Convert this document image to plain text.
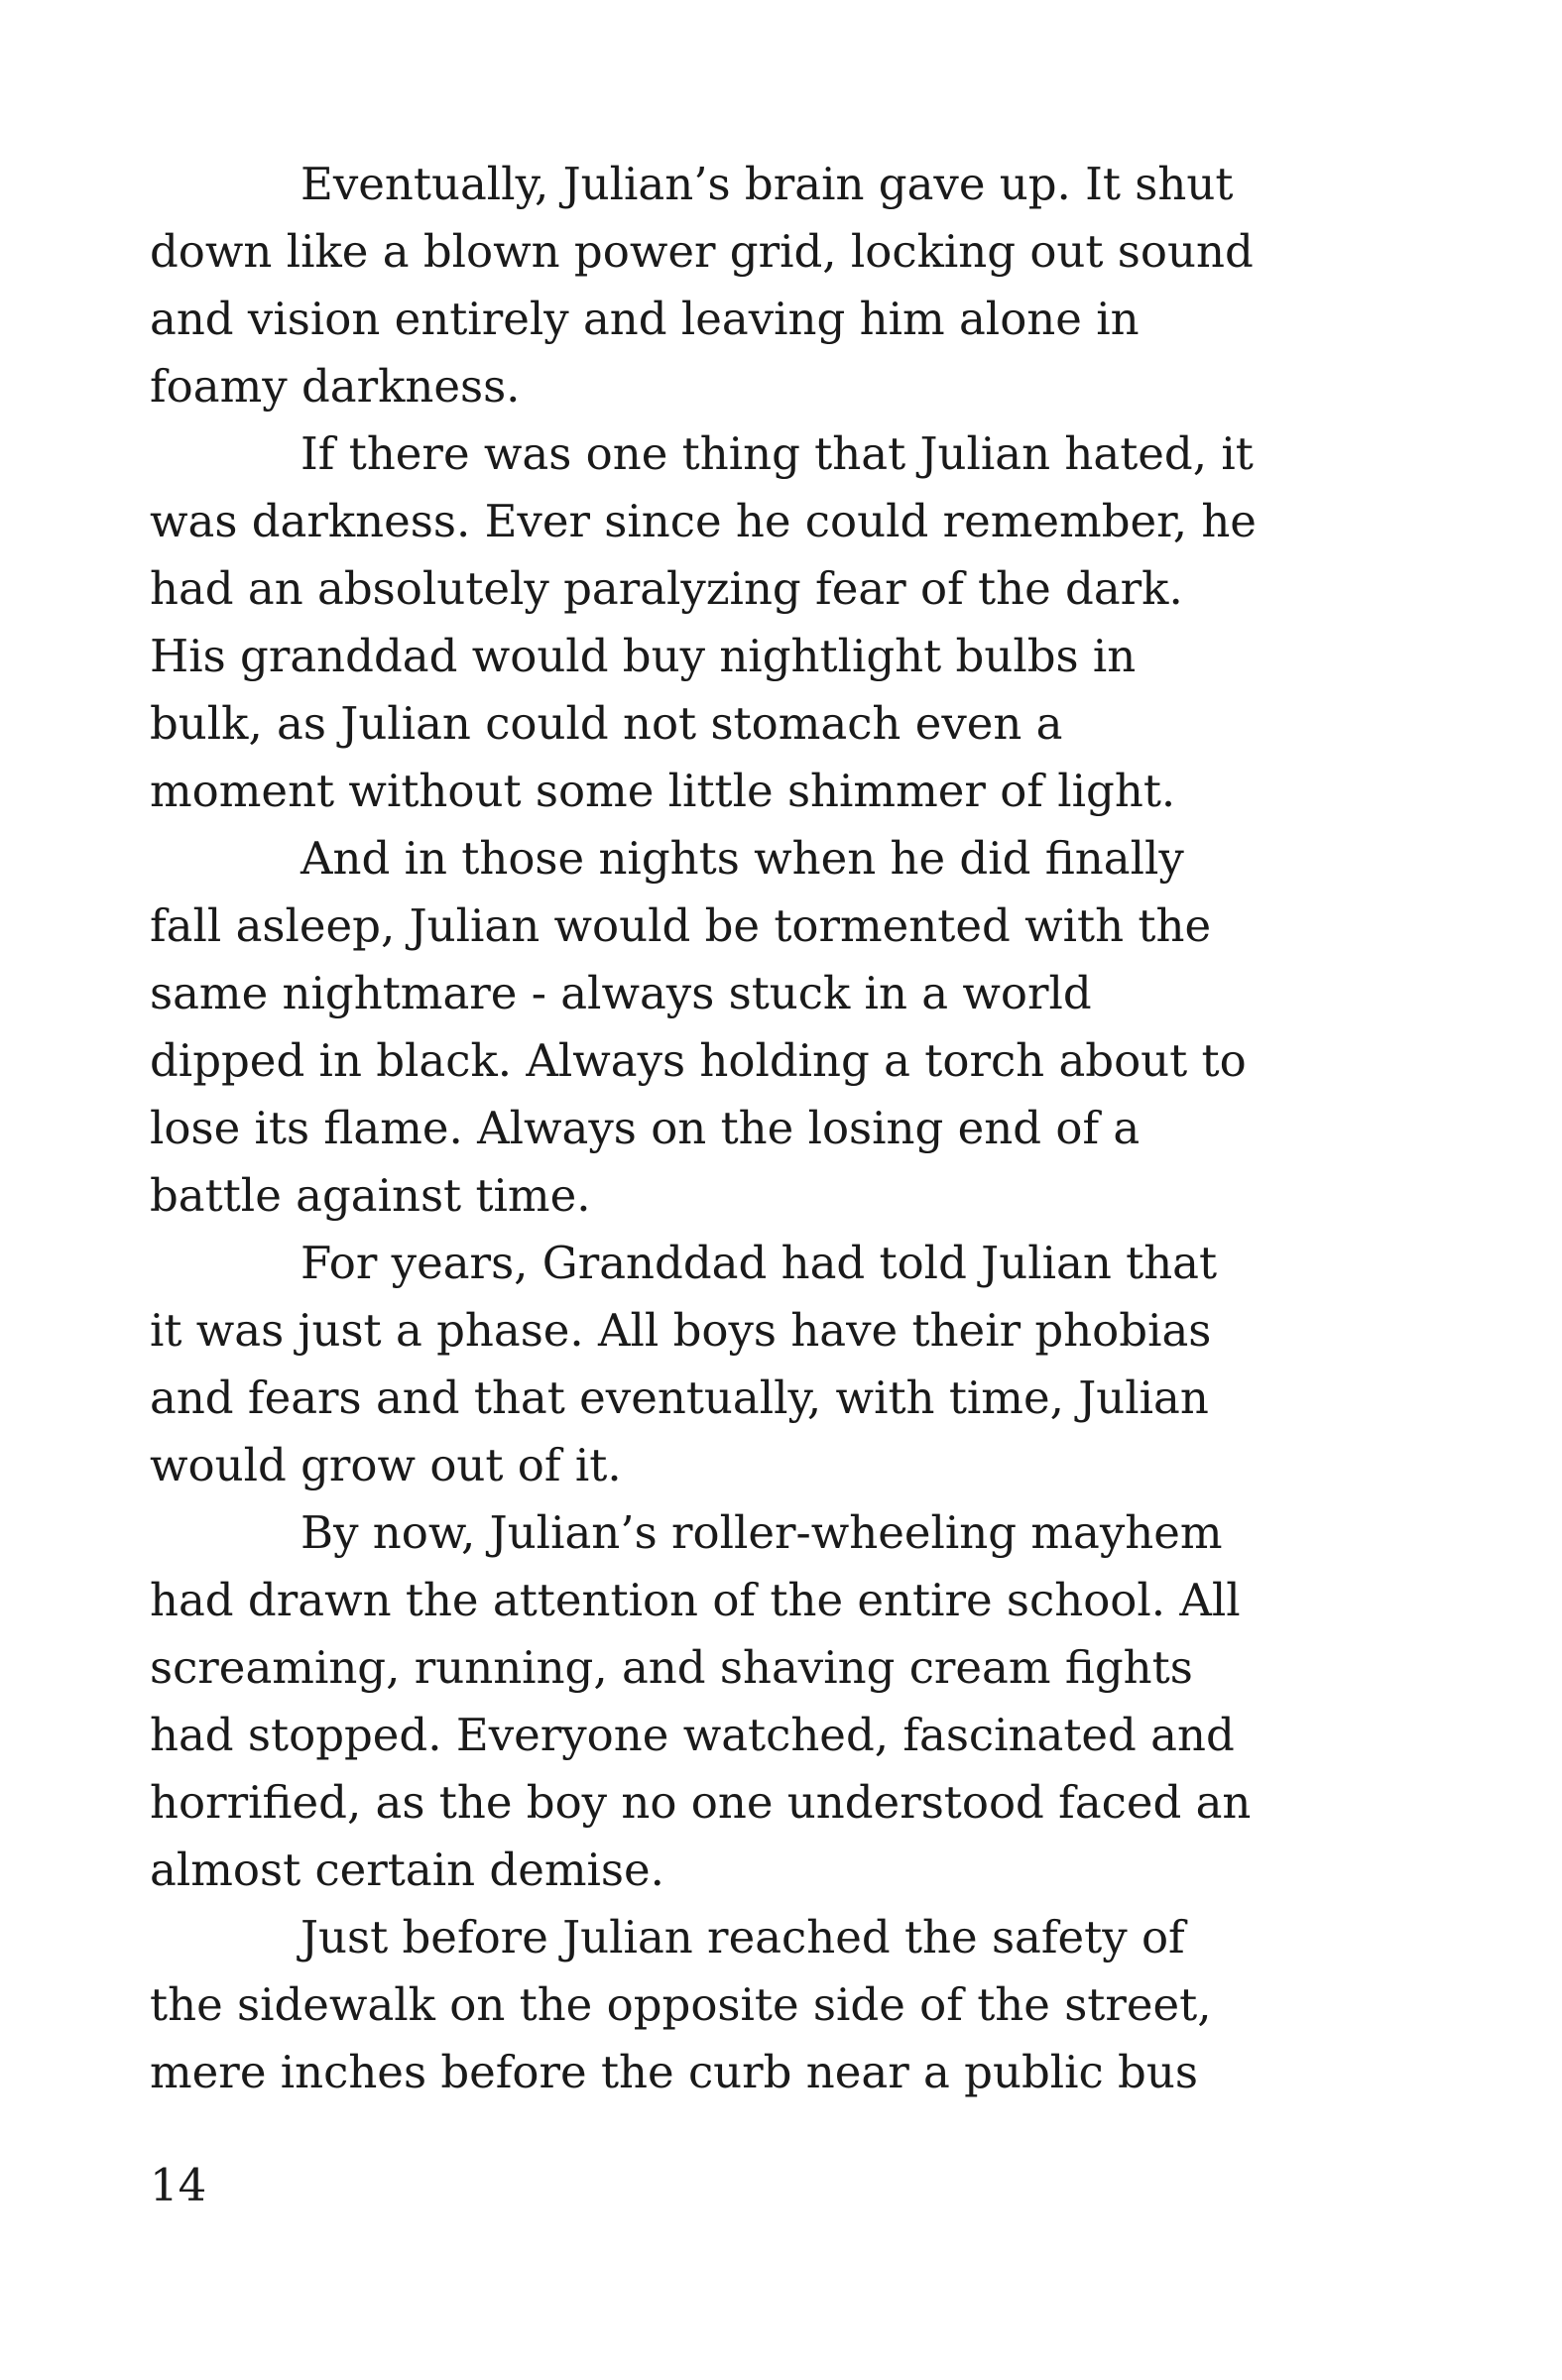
Eventually, Julian’s brain gave up. It shut
down like a blown power grid, locking out sound
and vision entirely and leaving him alone in
foamy darkness.
If there was one thing that Julian hated, it
was darkness. Ever since he could remember, he
had an absolutely paralyzing fear of the dark.
His granddad would buy nightlight bulbs in
bulk, as Julian could not stomach even a
moment without some little shimmer of light.
And in those nights when he did finally
fall asleep, Julian would be tormented with the
same nightmare - always stuck in a world
dipped in black. Always holding a torch about to
lose its flame. Always on the losing end of a
battle against time.
For years, Granddad had told Julian that
it was just a phase. All boys have their phobias
and fears and that eventually, with time, Julian
would grow out of it.
By now, Julian’s roller-wheeling mayhem
had drawn the attention of the entire school. All
screaming, running, and shaving cream fights
had stopped. Everyone watched, fascinated and
horrified, as the boy no one understood faced an
almost certain demise.
Just before Julian reached the safety of
the sidewalk on the opposite side of the street,
mere inches before the curb near a public bus
14
